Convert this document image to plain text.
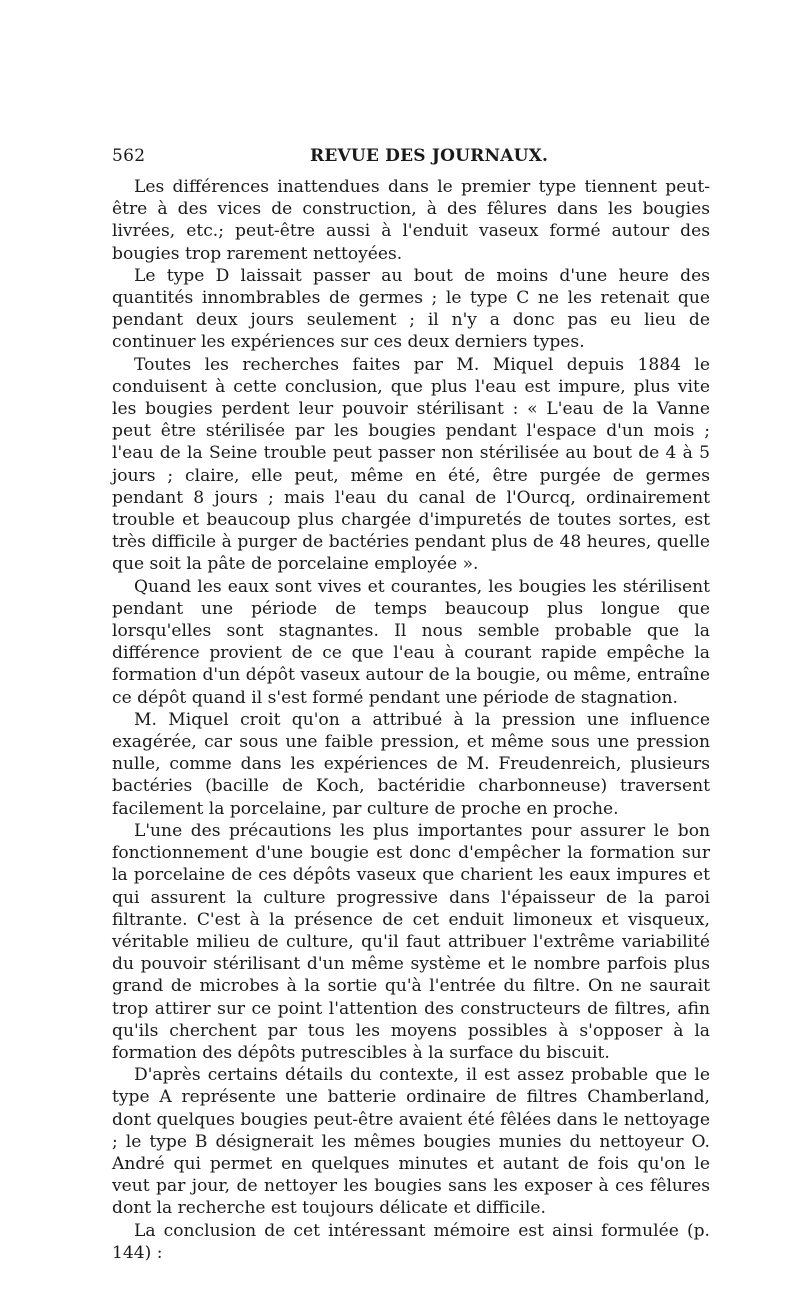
562	REVUE DES JOURNAUX.

Les différences inattendues dans le premier type tiennent peut-être à des vices de construction, à des fêlures dans les bougies livrées, etc.; peut-être aussi à l'enduit vaseux formé autour des bougies trop rarement nettoyées.

Le type D laissait passer au bout de moins d'une heure des quantités innombrables de germes ; le type C ne les retenait que pendant deux jours seulement ; il n'y a donc pas eu lieu de continuer les expériences sur ces deux derniers types.

Toutes les recherches faites par M. Miquel depuis 1884 le conduisent à cette conclusion, que plus l'eau est impure, plus vite les bougies perdent leur pouvoir stérilisant : « L'eau de la Vanne peut être stérilisée par les bougies pendant l'espace d'un mois ; l'eau de la Seine trouble peut passer non stérilisée au bout de 4 à 5 jours ; claire, elle peut, même en été, être purgée de germes pendant 8 jours ; mais l'eau du canal de l'Ourcq, ordinairement trouble et beaucoup plus chargée d'impuretés de toutes sortes, est très difficile à purger de bactéries pendant plus de 48 heures, quelle que soit la pâte de porcelaine employée ».

Quand les eaux sont vives et courantes, les bougies les stérilisent pendant une période de temps beaucoup plus longue que lorsqu'elles sont stagnantes. Il nous semble probable que la différence provient de ce que l'eau à courant rapide empêche la formation d'un dépôt vaseux autour de la bougie, ou même, entraîne ce dépôt quand il s'est formé pendant une période de stagnation.

M. Miquel croit qu'on a attribué à la pression une influence exagérée, car sous une faible pression, et même sous une pression nulle, comme dans les expériences de M. Freudenreich, plusieurs bactéries (bacille de Koch, bactéridie charbonneuse) traversent facilement la porcelaine, par culture de proche en proche.

L'une des précautions les plus importantes pour assurer le bon fonctionnement d'une bougie est donc d'empêcher la formation sur la porcelaine de ces dépôts vaseux que charient les eaux impures et qui assurent la culture progressive dans l'épaisseur de la paroi filtrante. C'est à la présence de cet enduit limoneux et visqueux, véritable milieu de culture, qu'il faut attribuer l'extrême variabilité du pouvoir stérilisant d'un même système et le nombre parfois plus grand de microbes à la sortie qu'à l'entrée du filtre. On ne saurait trop attirer sur ce point l'attention des constructeurs de filtres, afin qu'ils cherchent par tous les moyens possibles à s'opposer à la formation des dépôts putrescibles à la surface du biscuit.

D'après certains détails du contexte, il est assez probable que le type A représente une batterie ordinaire de filtres Chamberland, dont quelques bougies peut-être avaient été fêlées dans le nettoyage ; le type B désignerait les mêmes bougies munies du nettoyeur O. André qui permet en quelques minutes et autant de fois qu'on le veut par jour, de nettoyer les bougies sans les exposer à ces fêlures dont la recherche est toujours délicate et difficile.

La conclusion de cet intéressant mémoire est ainsi formulée (p. 144) :
